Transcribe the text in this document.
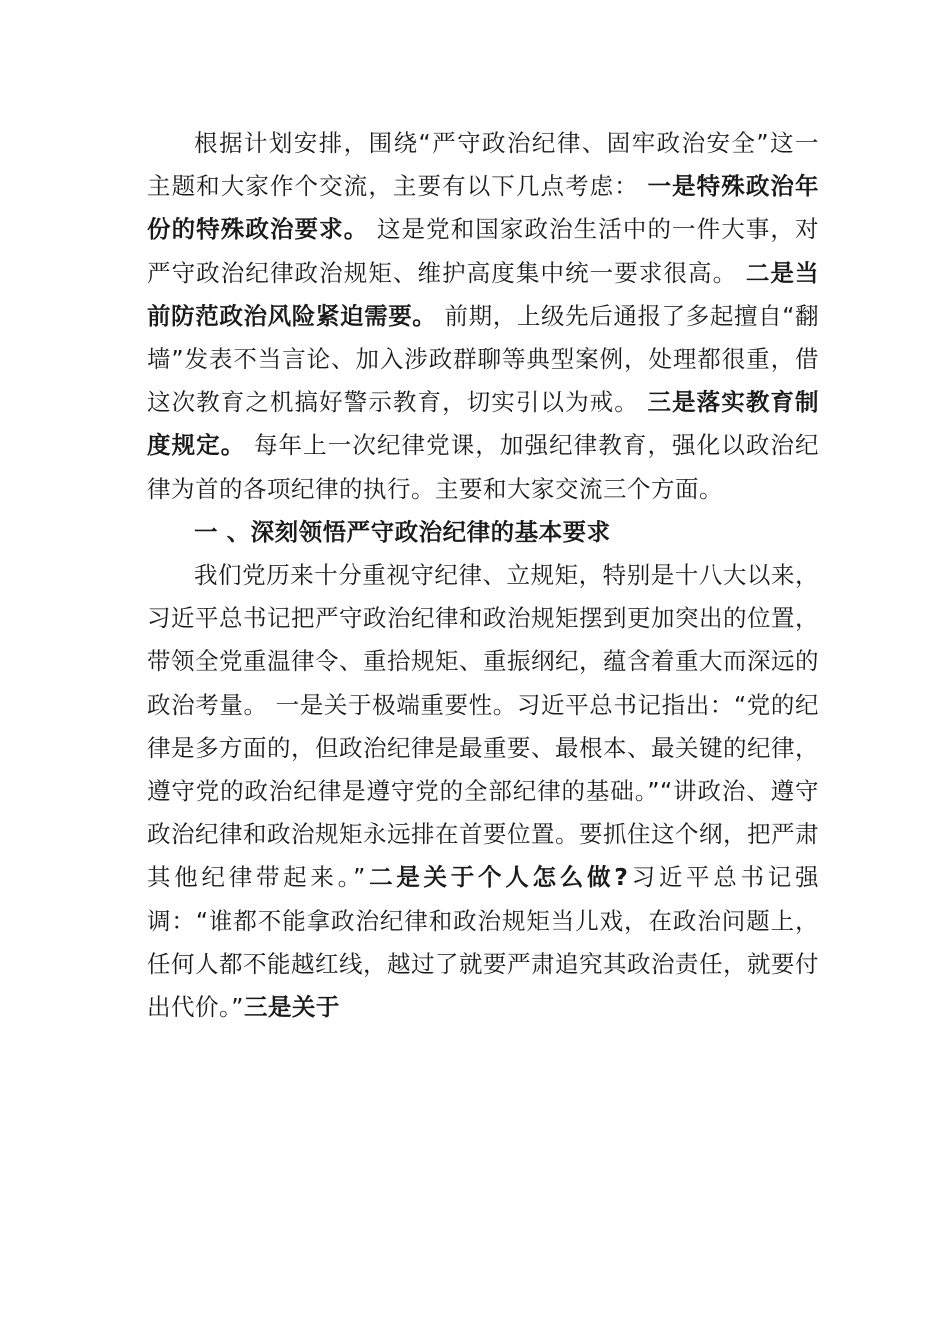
根据计划安排，围绕“严守政治纪律、固牢政治安全”这一主题和大家作个交流，主要有以下几点考虑： 一是特殊政治年份的特殊政治要求。 这是党和国家政治生活中的一件大事，对严守政治纪律政治规矩、维护高度集中统一要求很高。 二是当前防范政治风险紧迫需要。 前期，上级先后通报了多起擅自“翻墙”发表不当言论、加入涉政群聊等典型案例，处理都很重，借这次教育之机搞好警示教育，切实引以为戒。 三是落实教育制度规定。 每年上一次纪律党课，加强纪律教育，强化以政治纪律为首的各项纪律的执行。主要和大家交流三个方面。

一 、深刻领悟严守政治纪律的基本要求

我们党历来十分重视守纪律、立规矩，特别是十八大以来，习近平总书记把严守政治纪律和政治规矩摆到更加突出的位置，带领全党重温律令、重拾规矩、重振纲纪，蕴含着重大而深远的政治考量。 一是关于极端重要性。习近平总书记指出：“党的纪律是多方面的，但政治纪律是最重要、最根本、最关键的纪律，遵守党的政治纪律是遵守党的全部纪律的基础。”“讲政治、遵守政治纪律和政治规矩永远排在首要位置。要抓住这个纲，把严肃其他纪律带起来。”二是关于个人怎么做?习近平总书记强调：“谁都不能拿政治纪律和政治规矩当儿戏，在政治问题上，任何人都不能越红线，越过了就要严肃追究其政治责任，就要付出代价。”三是关于
